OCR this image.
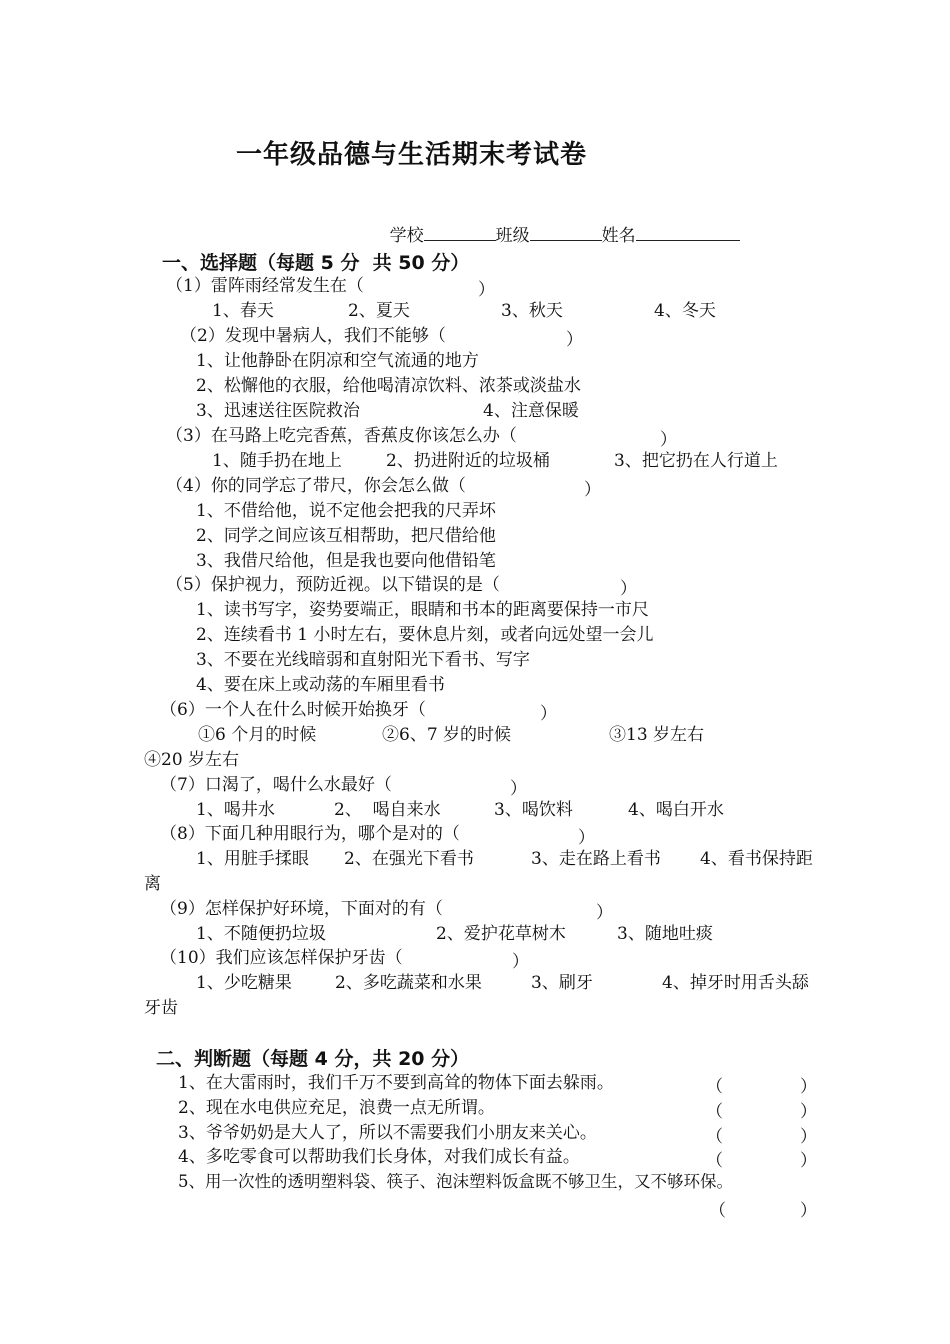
一年级品德与生活期末考试卷

学校	班级	姓名

一、选择题（每题 5 分  共 50 分）
（1）雷阵雨经常发生在（	）
1、春天	2、夏天	3、秋天	4、冬天
（2）发现中暑病人，我们不能够（	）
1、让他静卧在阴凉和空气流通的地方
2、松懈他的衣服，给他喝清凉饮料、浓茶或淡盐水
3、迅速送往医院救治	4、注意保暖
（3）在马路上吃完香蕉，香蕉皮你该怎么办（	）
1、随手扔在地上	2、扔进附近的垃圾桶	3、把它扔在人行道上
（4）你的同学忘了带尺，你会怎么做（	）
1、不借给他，说不定他会把我的尺弄坏
2、同学之间应该互相帮助，把尺借给他
3、我借尺给他，但是我也要向他借铅笔
（5）保护视力，预防近视。以下错误的是（	）
1、读书写字，姿势要端正，眼睛和书本的距离要保持一市尺
2、连续看书 1 小时左右，要休息片刻，或者向远处望一会儿
3、不要在光线暗弱和直射阳光下看书、写字
4、要在床上或动荡的车厢里看书
（6）一个人在什么时候开始换牙（	）
①6 个月的时候	②6、7 岁的时候	③13 岁左右
④20 岁左右
（7）口渴了，喝什么水最好（	）
1、喝井水	2、  喝自来水	3、喝饮料	4、喝白开水
（8）下面几种用眼行为，哪个是对的（	）
1、用脏手揉眼 2、在强光下看书	3、走在路上看书 4、看书保持距
离
（9）怎样保护好环境，下面对的有（	）
1、不随便扔垃圾	2、爱护花草树木	3、随地吐痰
（10）我们应该怎样保护牙齿（	）
1、少吃糖果	2、多吃蔬菜和水果	3、刷牙	4、掉牙时用舌头舔
牙齿
二、判断题（每题 4 分，共 20 分）
1、在大雷雨时，我们千万不要到高耸的物体下面去躲雨。	（	）
2、现在水电供应充足，浪费一点无所谓。	（	）
3、爷爷奶奶是大人了，所以不需要我们小朋友来关心。	（	）
4、多吃零食可以帮助我们长身体，对我们成长有益。	（	）
5、用一次性的透明塑料袋、筷子、泡沫塑料饭盒既不够卫生，又不够环保。
（	）
